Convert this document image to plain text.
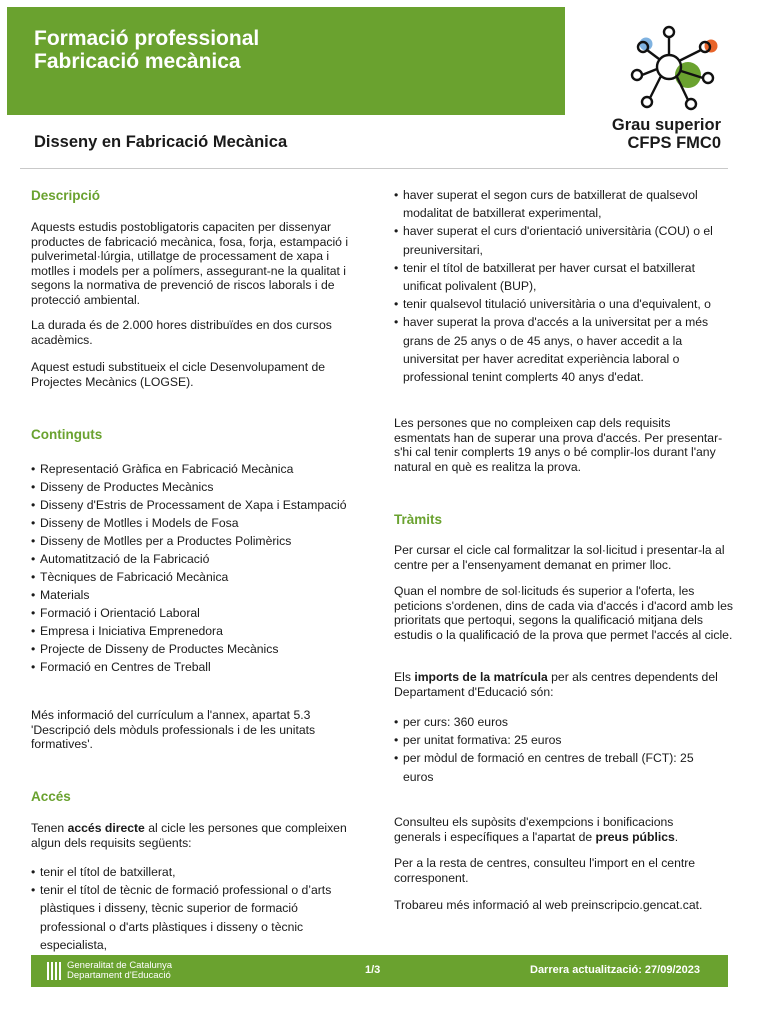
Formació professional
Fabricació mecànica
Disseny en Fabricació Mecànica
Grau superior
CFPS FMC0
Descripció

Aquests estudis postobligatoris capaciten per dissenyar productes de fabricació mecànica, fosa, forja, estampació i pulverimetal·lúrgia, utillatge de processament de xapa i motlles i models per a polímers, assegurant-ne la qualitat i segons la normativa de prevenció de riscos laborals i de protecció ambiental.

La durada és de 2.000 hores distribuïdes en dos cursos acadèmics.

Aquest estudi substitueix el cicle Desenvolupament de Projectes Mecànics (LOGSE).

Continguts
• Representació Gràfica en Fabricació Mecànica
• Disseny de Productes Mecànics
• Disseny d'Estris de Processament de Xapa i Estampació
• Disseny de Motlles i Models de Fosa
• Disseny de Motlles per a Productes Polimèrics
• Automatització de la Fabricació
• Tècniques de Fabricació Mecànica
• Materials
• Formació i Orientació Laboral
• Empresa i Iniciativa Emprenedora
• Projecte de Disseny de Productes Mecànics
• Formació en Centres de Treball

Més informació del currículum a l'annex, apartat 5.3 'Descripció dels mòduls professionals i de les unitats formatives'.

Accés

Tenen accés directe al cicle les persones que compleixen algun dels requisits següents:

• tenir el títol de batxillerat,
• tenir el títol de tècnic de formació professional o d’arts plàstiques i disseny, tècnic superior de formació professional o d'arts plàstiques i disseny o tècnic especialista,
• haver superat el segon curs de batxillerat de qualsevol modalitat de batxillerat experimental,
• haver superat el curs d'orientació universitària (COU) o el preuniversitari,
• tenir el títol de batxillerat per haver cursat el batxillerat unificat polivalent (BUP),
• tenir qualsevol titulació universitària o una d'equivalent, o
• haver superat la prova d'accés a la universitat per a més grans de 25 anys o de 45 anys, o haver accedit a la universitat per haver acreditat experiència laboral o professional tenint complerts 40 anys d'edat.

Les persones que no compleixen cap dels requisits esmentats han de superar una prova d'accés. Per presentar-s'hi cal tenir complerts 19 anys o bé complir-los durant l'any natural en què es realitza la prova.

Tràmits

Per cursar el cicle cal formalitzar la sol·licitud i presentar-la al centre per a l'ensenyament demanat en primer lloc.

Quan el nombre de sol·licituds és superior a l'oferta, les peticions s'ordenen, dins de cada via d'accés i d'acord amb les prioritats que pertoqui, segons la qualificació mitjana dels estudis o la qualificació de la prova que permet l'accés al cicle.

Els imports de la matrícula per als centres dependents del Departament d'Educació són:

• per curs: 360 euros
• per unitat formativa: 25 euros
• per mòdul de formació en centres de treball (FCT): 25 euros

Consulteu els supòsits d'exempcions i bonificacions generals i específiques a l'apartat de preus públics.

Per a la resta de centres, consulteu l'import en el centre corresponent.

Trobareu més informació al web preinscripcio.gencat.cat.

Generalitat de Catalunya
Departament d'Educació	1/3	Darrera actualització: 27/09/2023
